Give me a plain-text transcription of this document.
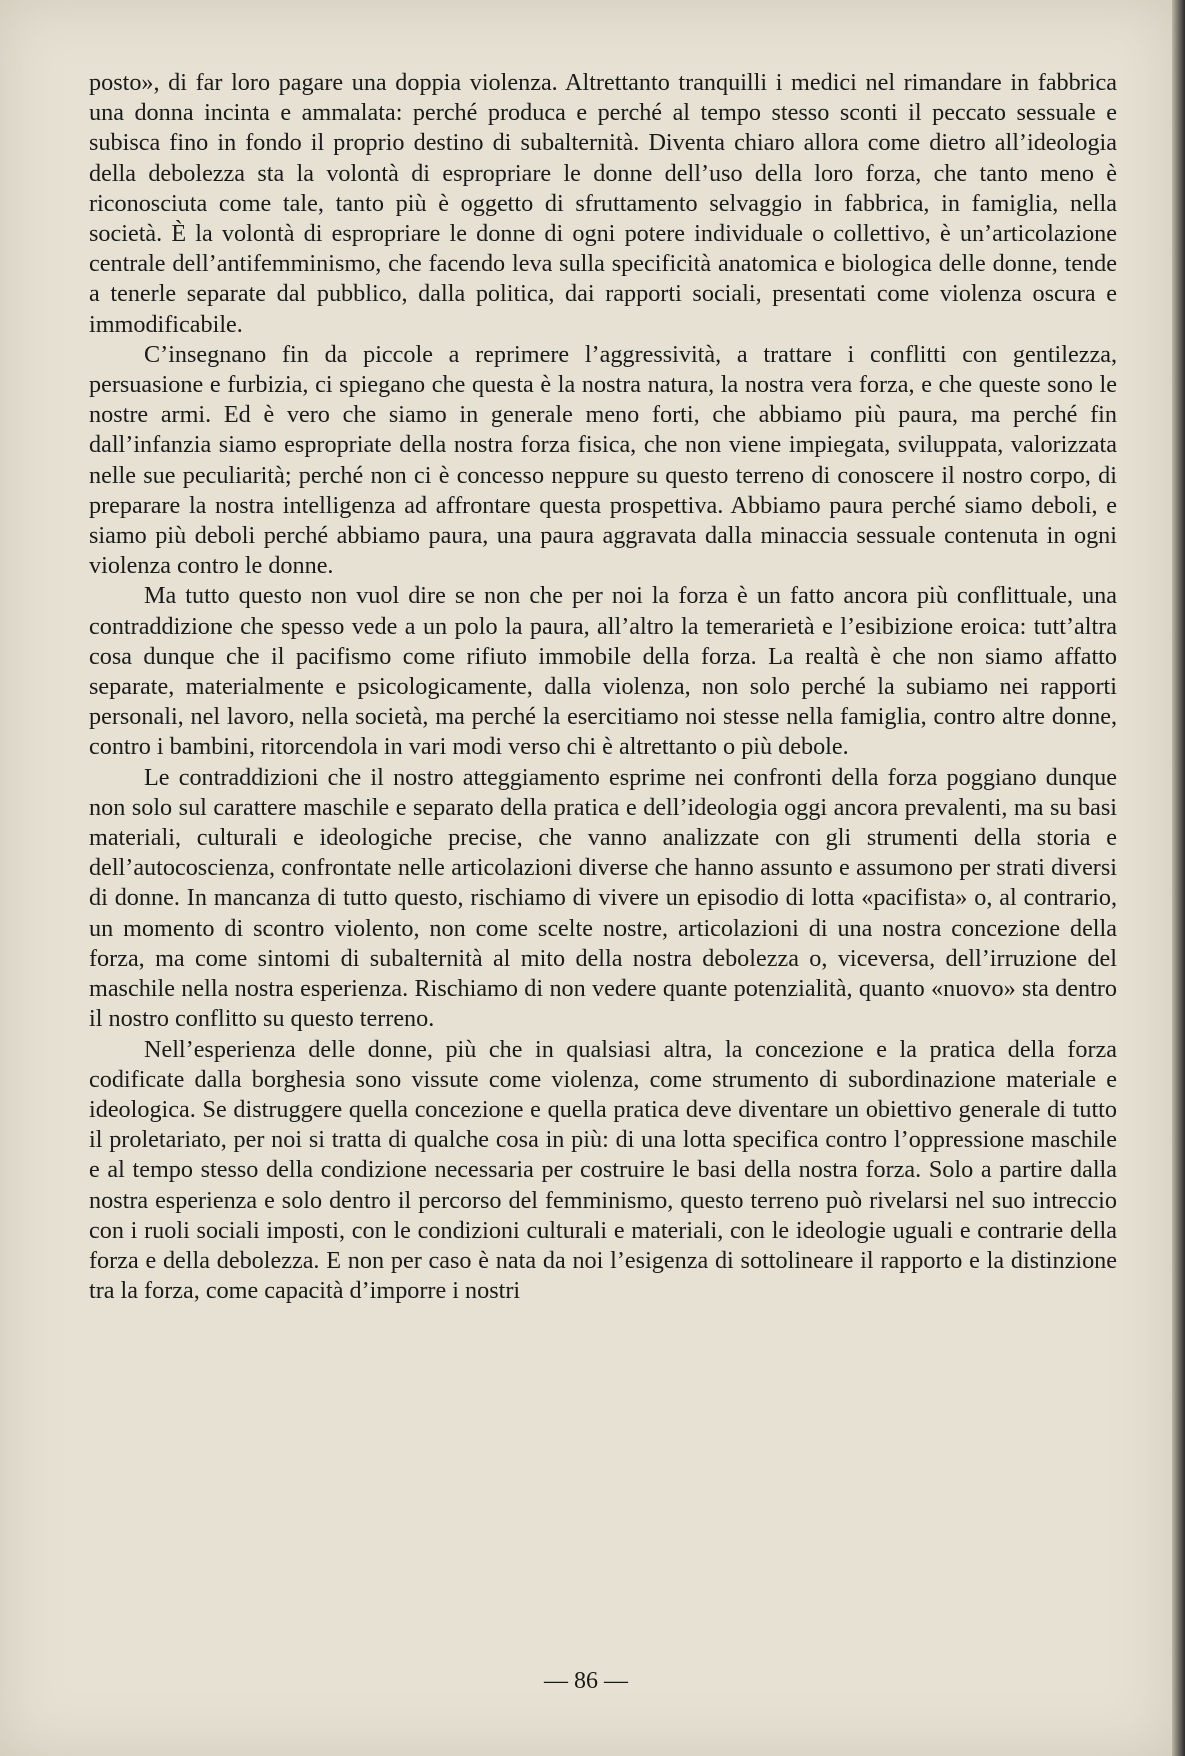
posto», di far loro pagare una doppia violenza. Altrettanto tranquilli i medici nel rimandare in fabbrica una donna incinta e ammalata: perché produca e perché al tempo stesso sconti il peccato sessuale e subisca fino in fondo il proprio destino di subalternità. Diventa chiaro allora come dietro all’ideologia della debolezza sta la volontà di espropriare le donne dell’uso della loro forza, che tanto meno è riconosciuta come tale, tanto più è oggetto di sfruttamento selvaggio in fabbrica, in famiglia, nella società. È la volontà di espropriare le donne di ogni potere individuale o collettivo, è un’articolazione centrale dell’antifemminismo, che facendo leva sulla specificità anatomica e biologica delle donne, tende a tenerle separate dal pubblico, dalla politica, dai rapporti sociali, presentati come violenza oscura e immodificabile.

C’insegnano fin da piccole a reprimere l’aggressività, a trattare i conflitti con gentilezza, persuasione e furbizia, ci spiegano che questa è la nostra natura, la nostra vera forza, e che queste sono le nostre armi. Ed è vero che siamo in generale meno forti, che abbiamo più paura, ma perché fin dall’infanzia siamo espropriate della nostra forza fisica, che non viene impiegata, sviluppata, valorizzata nelle sue peculiarità; perché non ci è concesso neppure su questo terreno di conoscere il nostro corpo, di preparare la nostra intelligenza ad affrontare questa prospettiva. Abbiamo paura perché siamo deboli, e siamo più deboli perché abbiamo paura, una paura aggravata dalla minaccia sessuale contenuta in ogni violenza contro le donne.

Ma tutto questo non vuol dire se non che per noi la forza è un fatto ancora più conflittuale, una contraddizione che spesso vede a un polo la paura, all’altro la temerarietà e l’esibizione eroica: tutt’altra cosa dunque che il pacifismo come rifiuto immobile della forza. La realtà è che non siamo affatto separate, materialmente e psicologicamente, dalla violenza, non solo perché la subiamo nei rapporti personali, nel lavoro, nella società, ma perché la esercitiamo noi stesse nella famiglia, contro altre donne, contro i bambini, ritorcendola in vari modi verso chi è altrettanto o più debole.

Le contraddizioni che il nostro atteggiamento esprime nei confronti della forza poggiano dunque non solo sul carattere maschile e separato della pratica e dell’ideologia oggi ancora prevalenti, ma su basi materiali, culturali e ideologiche precise, che vanno analizzate con gli strumenti della storia e dell’autocoscienza, confrontate nelle articolazioni diverse che hanno assunto e assumono per strati diversi di donne. In mancanza di tutto questo, rischiamo di vivere un episodio di lotta «pacifista» o, al contrario, un momento di scontro violento, non come scelte nostre, articolazioni di una nostra concezione della forza, ma come sintomi di subalternità al mito della nostra debolezza o, viceversa, dell’irruzione del maschile nella nostra esperienza. Rischiamo di non vedere quante potenzialità, quanto «nuovo» sta dentro il nostro conflitto su questo terreno.

Nell’esperienza delle donne, più che in qualsiasi altra, la concezione e la pratica della forza codificate dalla borghesia sono vissute come violenza, come strumento di subordinazione materiale e ideologica. Se distruggere quella concezione e quella pratica deve diventare un obiettivo generale di tutto il proletariato, per noi si tratta di qualche cosa in più: di una lotta specifica contro l’oppressione maschile e al tempo stesso della condizione necessaria per costruire le basi della nostra forza. Solo a partire dalla nostra esperienza e solo dentro il percorso del femminismo, questo terreno può rivelarsi nel suo intreccio con i ruoli sociali imposti, con le condizioni culturali e materiali, con le ideologie uguali e contrarie della forza e della debolezza. E non per caso è nata da noi l’esigenza di sottolineare il rapporto e la distinzione tra la forza, come capacità d’imporre i nostri

— 86 —
